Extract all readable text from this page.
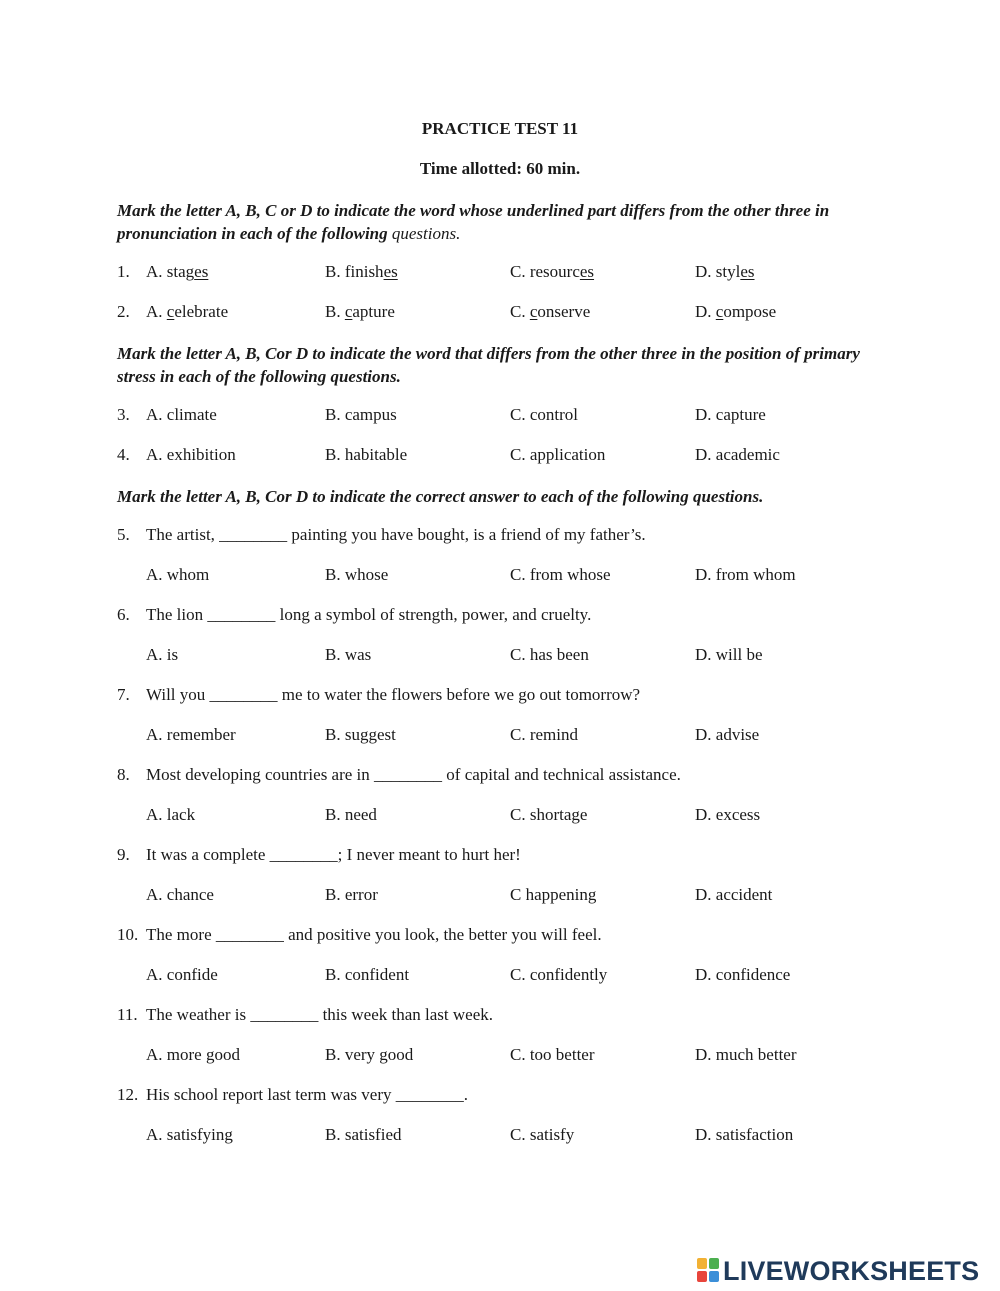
PRACTICE TEST 11
Time allotted: 60 min.
Mark the letter A, B, C or D to indicate the word whose underlined part differs from the other three in pronunciation in each of the following questions.
1. A. stages	B. finishes	C. resources	D. styles
2. A. celebrate	B. capture	C. conserve	D. compose
Mark the letter A, B, Cor D to indicate the word that differs from the other three in the position of primary stress in each of the following questions.
3. A. climate	B. campus	C. control	D. capture
4. A. exhibition	B. habitable	C. application	D. academic
Mark the letter A, B, Cor D to indicate the correct answer to each of the following questions.
5. The artist, ________ painting you have bought, is a friend of my father’s.
A. whom	B. whose	C. from whose	D. from whom
6. The lion ________ long a symbol of strength, power, and cruelty.
A. is	B. was	C. has been	D. will be
7. Will you ________ me to water the flowers before we go out tomorrow?
A. remember	B. suggest	C. remind	D. advise
8. Most developing countries are in ________ of capital and technical assistance.
A. lack	B. need	C. shortage	D. excess
9. It was a complete ________; I never meant to hurt her!
A. chance	B. error	C happening	D. accident
10. The more ________ and positive you look, the better you will feel.
A. confide	B. confident	C. confidently	D. confidence
11. The weather is ________ this week than last week.
A. more good	B. very good	C. too better	D. much better
12. His school report last term was very ________.
A. satisfying	B. satisfied	C. satisfy	D. satisfaction
LIVEWORKSHEETS
